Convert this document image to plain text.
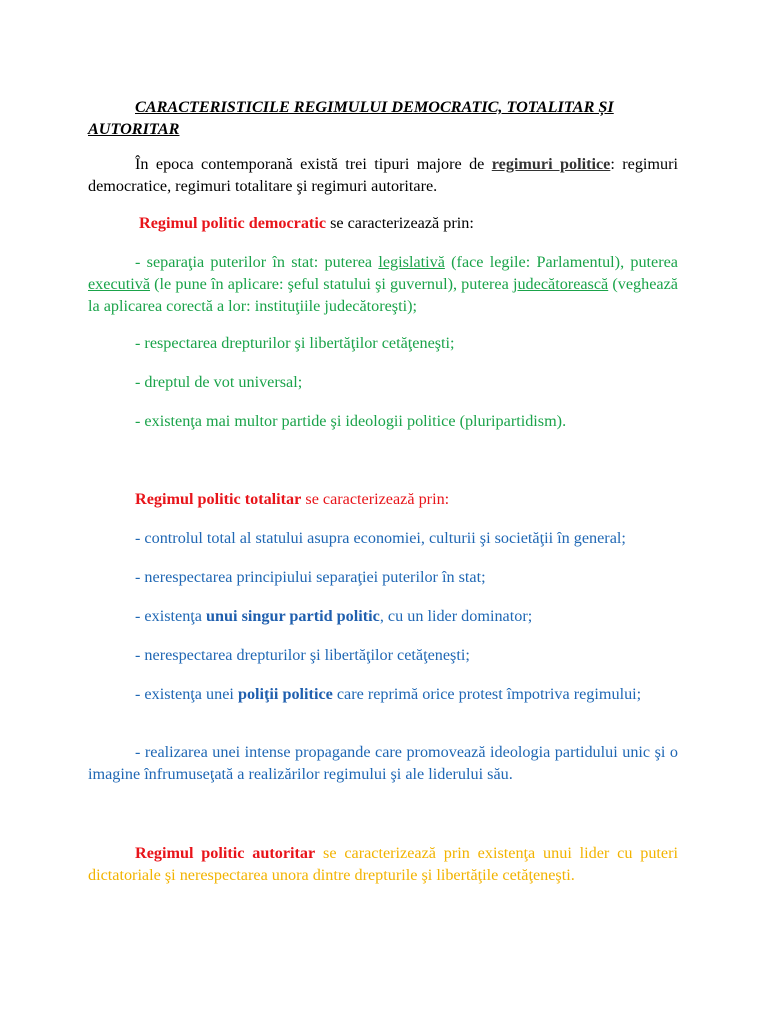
CARACTERISTICILE REGIMULUI DEMOCRATIC, TOTALITAR ȘI
AUTORITAR

În epoca contemporană există trei tipuri majore de regimuri politice: regimuri democratice, regimuri totalitare şi regimuri autoritare.

Regimul politic democratic se caracterizează prin:

- separaţia puterilor în stat: puterea legislativă (face legile: Parlamentul), puterea executivă (le pune în aplicare: şeful statului şi guvernul), puterea judecătorească (veghează la aplicarea corectă a lor: instituţiile judecătoreşti);

- respectarea drepturilor şi libertăţilor cetăţeneşti;

- dreptul de vot universal;

- existenţa mai multor partide şi ideologii politice (pluripartidism).

Regimul politic totalitar se caracterizează prin:

- controlul total al statului asupra economiei, culturii şi societăţii în general;

- nerespectarea principiului separaţiei puterilor în stat;

- existenţa unui singur partid politic, cu un lider dominator;

- nerespectarea drepturilor şi libertăţilor cetăţeneşti;

- existenţa unei poliţii politice care reprimă orice protest împotriva regimului;

- realizarea unei intense propagande care promovează ideologia partidului unic şi o imagine înfrumuseţată a realizărilor regimului şi ale liderului său.

Regimul politic autoritar se caracterizează prin existenţa unui lider cu puteri dictatoriale şi nerespectarea unora dintre drepturile şi libertăţile cetăţeneşti.
